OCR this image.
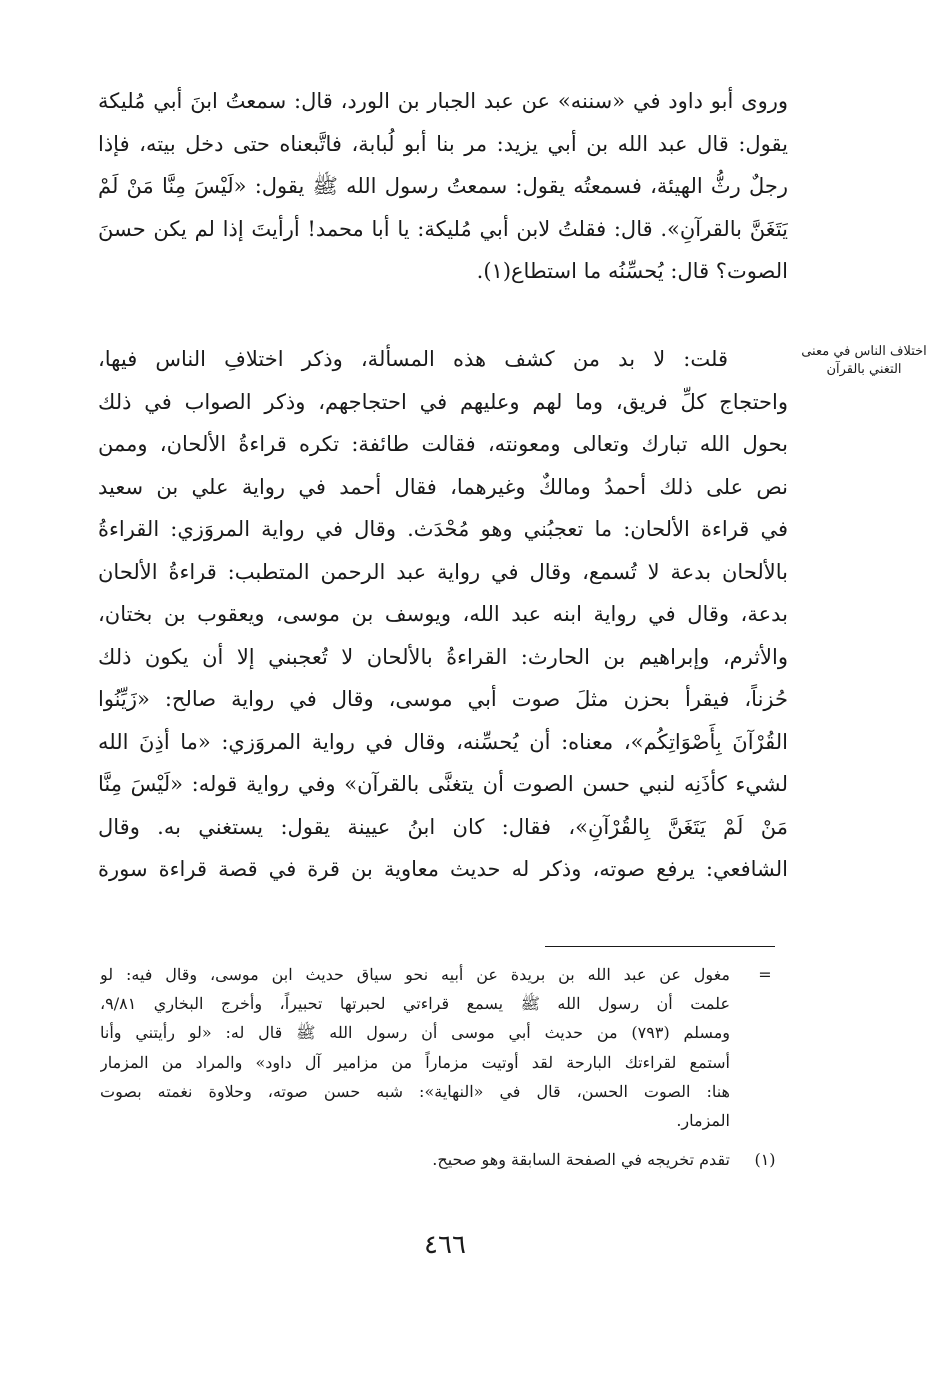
وروى أبو داود في «سننه» عن عبد الجبار بن الورد، قال: سمعتُ ابنَ أبي مُليكة
يقول: قال عبد الله بن أبي يزيد: مر بنا أبو لُبابة، فاتَّبعناه حتى دخل بيته، فإذا
رجلٌ رثُّ الهيئة، فسمعتُه يقول: سمعتُ رسول الله ﷺ يقول: «لَيْسَ مِنَّا مَنْ لَمْ
يَتَغَنَّ بالقرآنِ». قال: فقلتُ لابن أبي مُليكة: يا أبا محمد! أرأيتَ إذا لم يكن حسنَ
الصوت؟ قال: يُحسِّنُه ما استطاع(١).
اختلاف الناس في معنى
التغني بالقرآن
قلت: لا بد من كشف هذه المسألة، وذكر اختلافِ الناس فيها،
واحتجاج كلِّ فريق، وما لهم وعليهم في احتجاجهم، وذكر الصواب في ذلك
بحول الله تبارك وتعالى ومعونته، فقالت طائفة: تكره قراءةُ الألحان، وممن
نص على ذلك أحمدُ ومالكٌ وغيرهما، فقال أحمد في رواية علي بن سعيد
في قراءة الألحان: ما تعجبُني وهو مُحْدَث. وقال في رواية المروَزي: القراءةُ
بالألحان بدعة لا تُسمع، وقال في رواية عبد الرحمن المتطبب: قراءةُ الألحان
بدعة، وقال في رواية ابنه عبد الله، ويوسف بن موسى، ويعقوب بن بختان،
والأثرم، وإبراهيم بن الحارث: القراءةُ بالألحان لا تُعجبني إلا أن يكون ذلك
حُزناً، فيقرأ بحزن مثلَ صوت أبي موسى، وقال في رواية صالح: «زَيِّنُوا
القُرْآنَ بِأَصْوَاتِكُم»، معناه: أن يُحسِّنه، وقال في رواية المروَزي: «ما أذِنَ الله
لشيء كأذَنِه لنبي حسن الصوت أن يتغنَّى بالقرآن» وفي رواية قوله: «لَيْسَ مِنَّا
مَنْ لَمْ يَتَغَنَّ بِالقُرْآنِ»، فقال: كان ابنُ عيينة يقول: يستغني به. وقال
الشافعي: يرفع صوته، وذكر له حديث معاوية بن قرة في قصة قراءة سورة
=
مغول عن عبد الله بن بريدة عن أبيه نحو سياق حديث ابن موسى، وقال فيه: لو
علمت أن رسول الله ﷺ يسمع قراءتي لحبرتها تحبيراً، وأخرج البخاري ٩/٨١،
ومسلم (٧٩٣) من حديث أبي موسى أن رسول الله ﷺ قال له: «لو رأيتني وأنا
أستمع لقراءتك البارحة لقد أوتيت مزماراً من مزامير آل داود» والمراد من المزمار
هنا: الصوت الحسن، قال في «النهاية»: شبه حسن صوته، وحلاوة نغمته بصوت
المزمار.
(١)
تقدم تخريجه في الصفحة السابقة وهو صحيح.
٤٦٦
